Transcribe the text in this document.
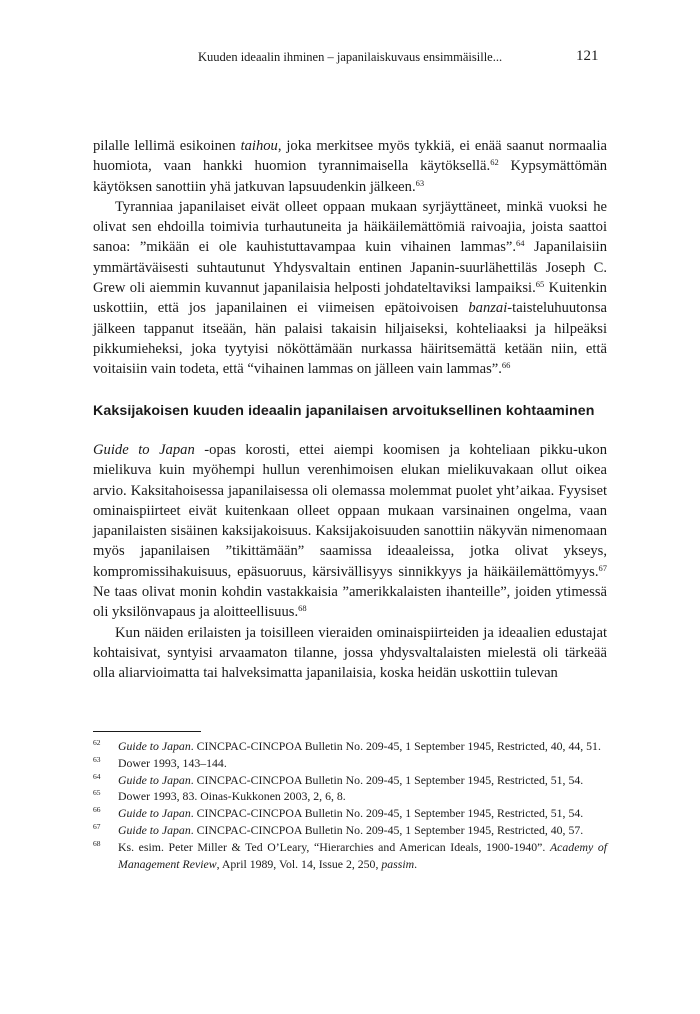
Kuuden ideaalin ihminen – japanilaiskuvaus ensimmäisille...	121

pilalle lellimä esikoinen taihou, joka merkitsee myös tykkiä, ei enää saanut normaalia huomiota, vaan hankki huomion tyrannimaisella käytöksellä.$^{62}$ Kypsymättömän käytöksen sanottiin yhä jatkuvan lapsuudenkin jälkeen.$^{63}$

Tyranniaa japanilaiset eivät olleet oppaan mukaan syrjäyttäneet, minkä vuoksi he olivat sen ehdoilla toimivia turhautuneita ja häikäilemättömiä raivoajia, joista saattoi sanoa: ”mikään ei ole kauhistuttavampaa kuin vihainen lammas”.$^{64}$ Japanilaisiin ymmärtäväisesti suhtautunut Yhdysvaltain entinen Japanin-suurlähettiläs Joseph C. Grew oli aiemmin kuvannut japanilaisia helposti johdateltaviksi lampaiksi.$^{65}$ Kuitenkin uskottiin, että jos japanilainen ei viimeisen epätoivoisen banzai-taisteluhuutonsa jälkeen tappanut itseään, hän palaisi takaisin hiljaiseksi, kohteliaaksi ja hilpeäksi pikkumieheksi, joka tyytyisi nököttämään nurkassa häiritsemättä ketään niin, että voitaisiin vain todeta, että “vihainen lammas on jälleen vain lammas”.$^{66}$

Kaksijakoisen kuuden ideaalin japanilaisen arvoituksellinen kohtaaminen

Guide to Japan -opas korosti, ettei aiempi koomisen ja kohteliaan pikku-ukon mielikuva kuin myöhempi hullun verenhimoisen elukan mielikuvakaan ollut oikea arvio. Kaksitahoisessa japanilaisessa oli olemassa molemmat puolet yht’aikaa. Fyysiset ominaispiirteet eivät kuitenkaan olleet oppaan mukaan varsinainen ongelma, vaan japanilaisten sisäinen kaksijakoisuus. Kaksijakoisuuden sanottiin näkyvän nimenomaan myös japanilaisen ”tikittämään” saamissa ideaaleissa, jotka olivat ykseys, kompromissihakuisuus, epäsuoruus, kärsivällisyys sinnikkyys ja häikäilemättömyys.$^{67}$ Ne taas olivat monin kohdin vastakkaisia ”amerikkalaisten ihanteille”, joiden ytimessä oli yksilönvapaus ja aloitteellisuus.$^{68}$

Kun näiden erilaisten ja toisilleen vieraiden ominaispiirteiden ja ideaalien edustajat kohtaisivat, syntyisi arvaamaton tilanne, jossa yhdysvaltalaisten mielestä oli tärkeää olla aliarvioimatta tai halveksimatta japanilaisia, koska heidän uskottiin tulevan

62 Guide to Japan. CINCPAC-CINCPOA Bulletin No. 209-45, 1 September 1945, Restricted, 40, 44, 51.
63 Dower 1993, 143–144.
64 Guide to Japan. CINCPAC-CINCPOA Bulletin No. 209-45, 1 September 1945, Restricted, 51, 54.
65 Dower 1993, 83. Oinas-Kukkonen 2003, 2, 6, 8.
66 Guide to Japan. CINCPAC-CINCPOA Bulletin No. 209-45, 1 September 1945, Restricted, 51, 54.
67 Guide to Japan. CINCPAC-CINCPOA Bulletin No. 209-45, 1 September 1945, Restricted, 40, 57.
68 Ks. esim. Peter Miller & Ted O’Leary, “Hierarchies and American Ideals, 1900-1940”. Academy of Management Review, April 1989, Vol. 14, Issue 2, 250, passim.
